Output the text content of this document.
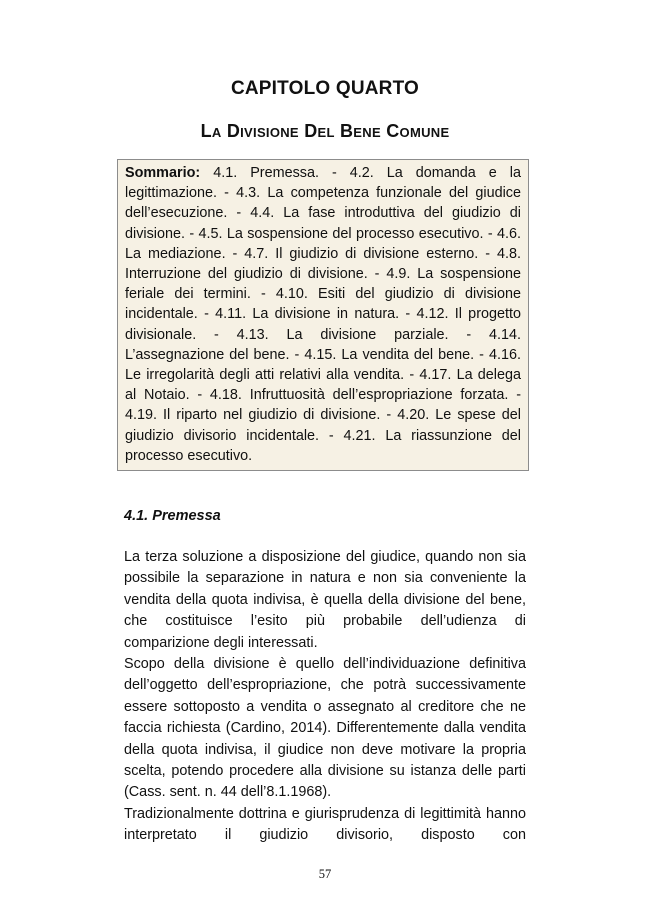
CAPITOLO QUARTO
La Divisione Del Bene Comune
Sommario: 4.1. Premessa. - 4.2. La domanda e la legittimazione. - 4.3. La competenza funzionale del giudice dell’esecuzione. - 4.4. La fase introduttiva del giudizio di divisione. - 4.5. La sospensione del processo esecutivo. - 4.6. La mediazione. - 4.7. Il giudizio di divisione esterno. - 4.8. Interruzione del giudizio di divisione. - 4.9. La sospensione feriale dei termini. - 4.10. Esiti del giudizio di divisione incidentale. - 4.11. La divisione in natura. - 4.12. Il progetto divisionale. - 4.13. La divisione parziale. - 4.14. L’assegnazione del bene. - 4.15. La vendita del bene. - 4.16. Le irregolarità degli atti relativi alla vendita. - 4.17. La delega al Notaio. - 4.18. Infruttuosità dell’espropriazione forzata. - 4.19. Il riparto nel giudizio di divisione. - 4.20. Le spese del giudizio divisorio incidentale. - 4.21. La riassunzione del processo esecutivo.
4.1. Premessa

La terza soluzione a disposizione del giudice, quando non sia possibile la separazione in natura e non sia conveniente la vendita della quota indivisa, è quella della divisione del bene, che costituisce l’esito più probabile dell’udienza di comparizione degli interessati.

Scopo della divisione è quello dell’individuazione definitiva dell’oggetto dell’espropriazione, che potrà successivamente essere sottoposto a vendita o assegnato al creditore che ne faccia richiesta (Cardino, 2014). Differentemente dalla vendita della quota indivisa, il giudice non deve motivare la propria scelta, potendo procedere alla divisione su istanza delle parti (Cass. sent. n. 44 dell’8.1.1968).

Tradizionalmente dottrina e giurisprudenza di legittimità hanno interpretato il giudizio divisorio, disposto con

57
